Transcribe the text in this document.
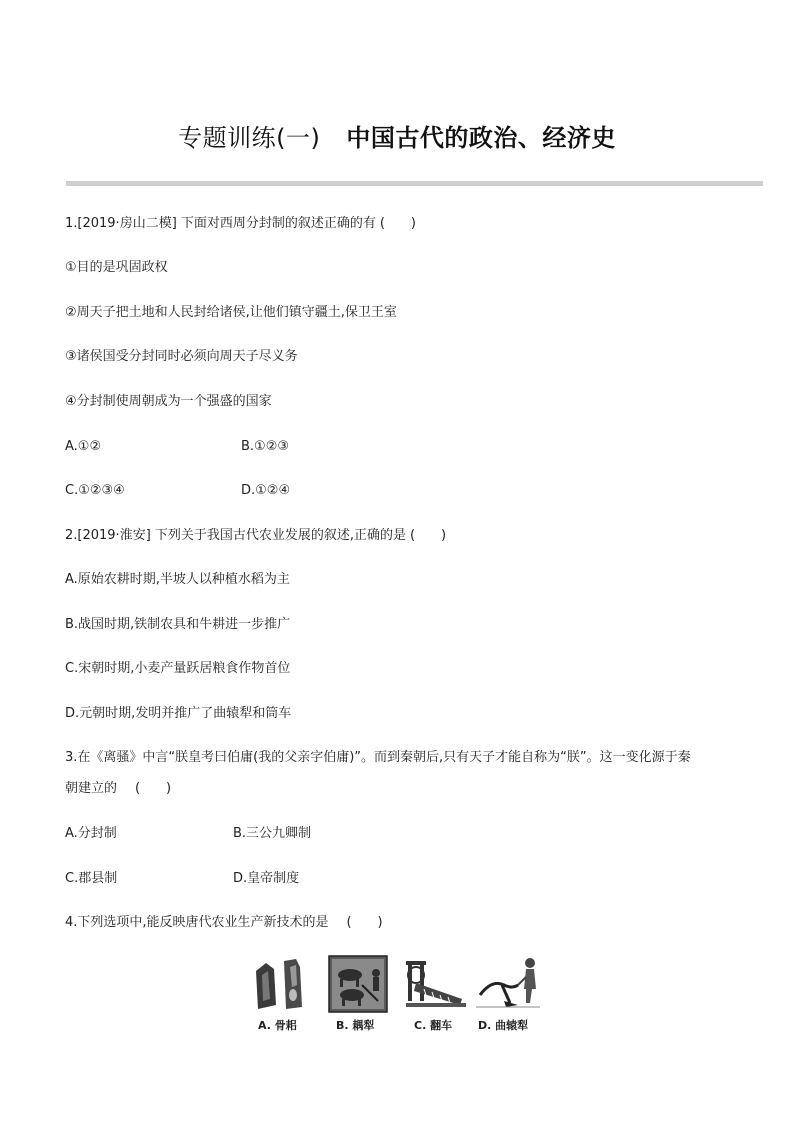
专题训练(一) 中国古代的政治、经济史
1.[2019·房山二模] 下面对西周分封制的叙述正确的有 (　　)
①目的是巩固政权
②周天子把土地和人民封给诸侯,让他们镇守疆土,保卫王室
③诸侯国受分封同时必须向周天子尽义务
④分封制使周朝成为一个强盛的国家
A.①②	B.①②③
C.①②③④	D.①②④
2.[2019·淮安] 下列关于我国古代农业发展的叙述,正确的是 (　　)
A.原始农耕时期,半坡人以种植水稻为主
B.战国时期,铁制农具和牛耕进一步推广
C.宋朝时期,小麦产量跃居粮食作物首位
D.元朝时期,发明并推广了曲辕犁和筒车
3.在《离骚》中言“朕皇考曰伯庸(我的父亲字伯庸)”。而到秦朝后,只有天子才能自称为“朕”。这一变化源于秦
朝建立的 (　　)
A.分封制	B.三公九卿制
C.郡县制	D.皇帝制度
4.下列选项中,能反映唐代农业生产新技术的是 (　　)
A. 骨耜	B. 耦犁	C. 翻车 D. 曲辕犁
